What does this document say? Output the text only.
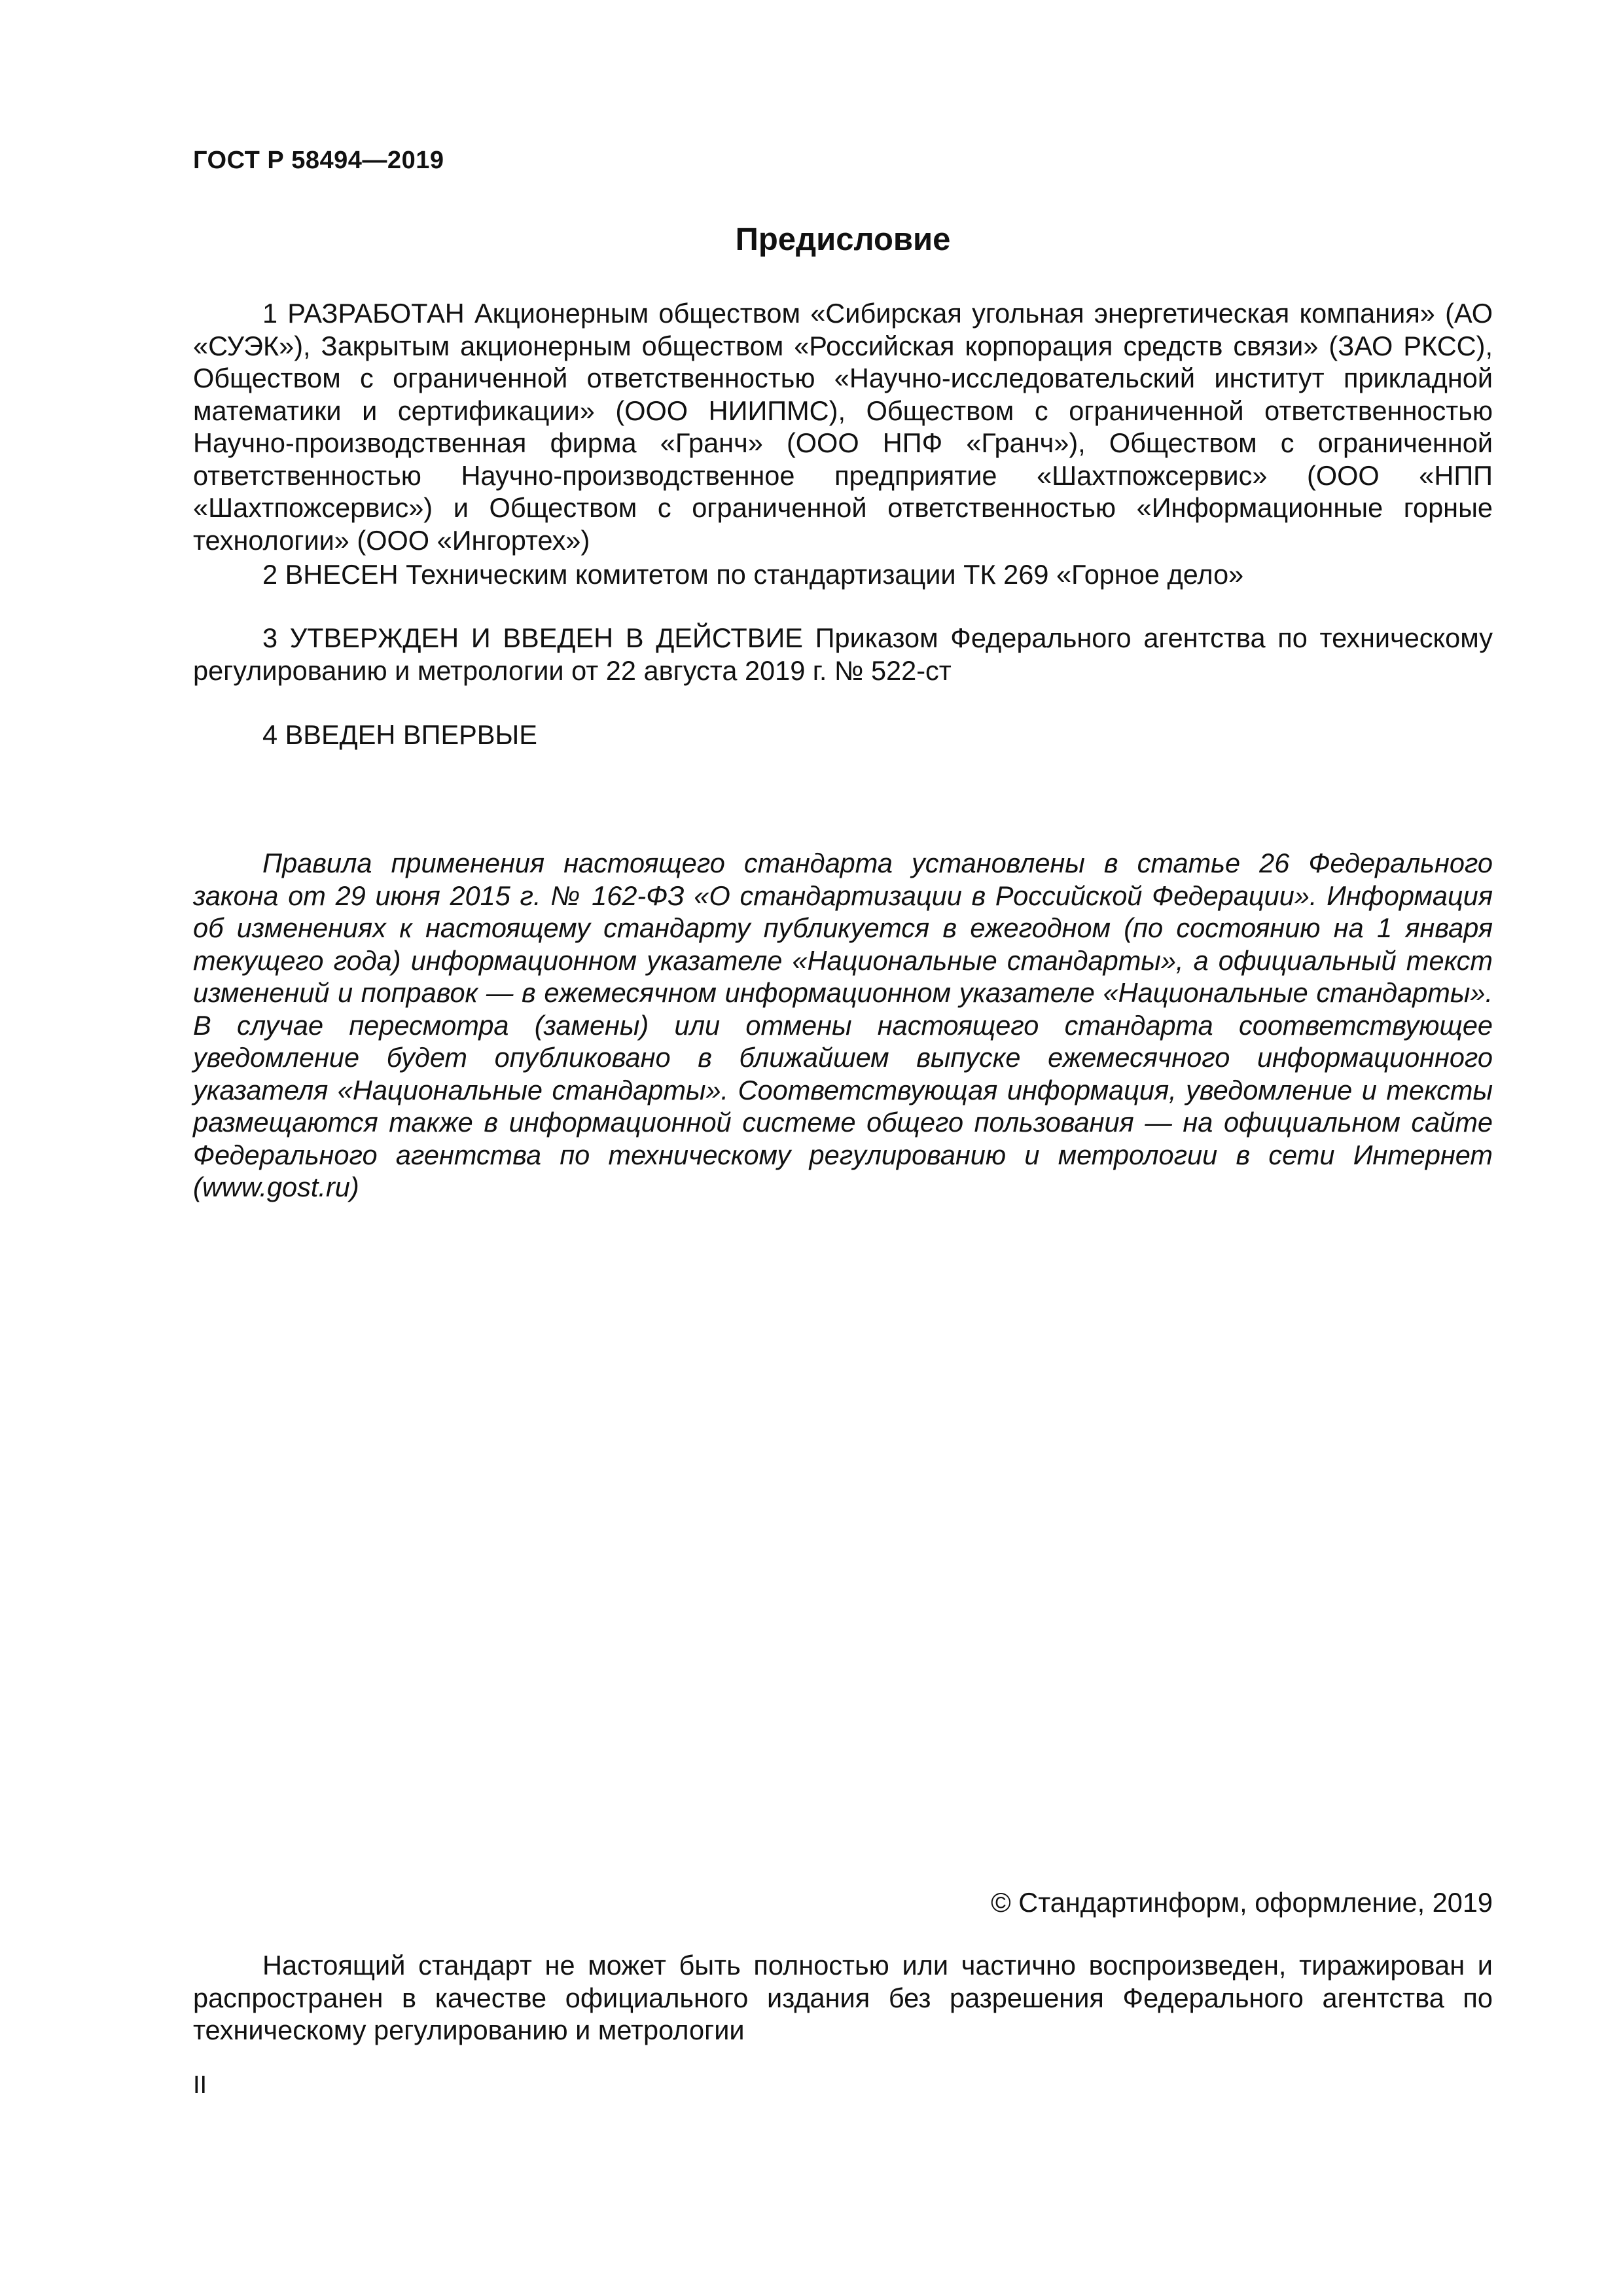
ГОСТ Р 58494—2019
Предисловие

1 РАЗРАБОТАН Акционерным обществом «Сибирская угольная энергетическая компания» (АО «СУЭК»), Закрытым акционерным обществом «Российская корпорация средств связи» (ЗАО РКСС), Обществом с ограниченной ответственностью «Научно-исследовательский институт прикладной математики и сертификации» (ООО НИИПМС), Обществом с ограниченной ответственностью Научно-производственная фирма «Гранч» (ООО НПФ «Гранч»), Обществом с ограниченной ответственностью Научно-производственное предприятие «Шахтпожсервис» (ООО «НПП «Шахтпожсервис») и Обществом с ограниченной ответственностью «Информационные горные технологии» (ООО «Ингортех»)

2 ВНЕСЕН Техническим комитетом по стандартизации ТК 269 «Горное дело»

3 УТВЕРЖДЕН И ВВЕДЕН В ДЕЙСТВИЕ Приказом Федерального агентства по техническому регулированию и метрологии от 22 августа 2019 г. № 522-ст

4 ВВЕДЕН ВПЕРВЫЕ

Правила применения настоящего стандарта установлены в статье 26 Федерального закона от 29 июня 2015 г. № 162-ФЗ «О стандартизации в Российской Федерации». Информация об изменениях к настоящему стандарту публикуется в ежегодном (по состоянию на 1 января текущего года) информационном указателе «Национальные стандарты», а официальный текст изменений и поправок — в ежемесячном информационном указателе «Национальные стандарты». В случае пересмотра (замены) или отмены настоящего стандарта соответствующее уведомление будет опубликовано в ближайшем выпуске ежемесячного информационного указателя «Национальные стандарты». Соответствующая информация, уведомление и тексты размещаются также в информационной системе общего пользования — на официальном сайте Федерального агентства по техническому регулированию и метрологии в сети Интернет (www.gost.ru)

© Стандартинформ, оформление, 2019

Настоящий стандарт не может быть полностью или частично воспроизведен, тиражирован и распространен в качестве официального издания без разрешения Федерального агентства по техническому регулированию и метрологии

II
